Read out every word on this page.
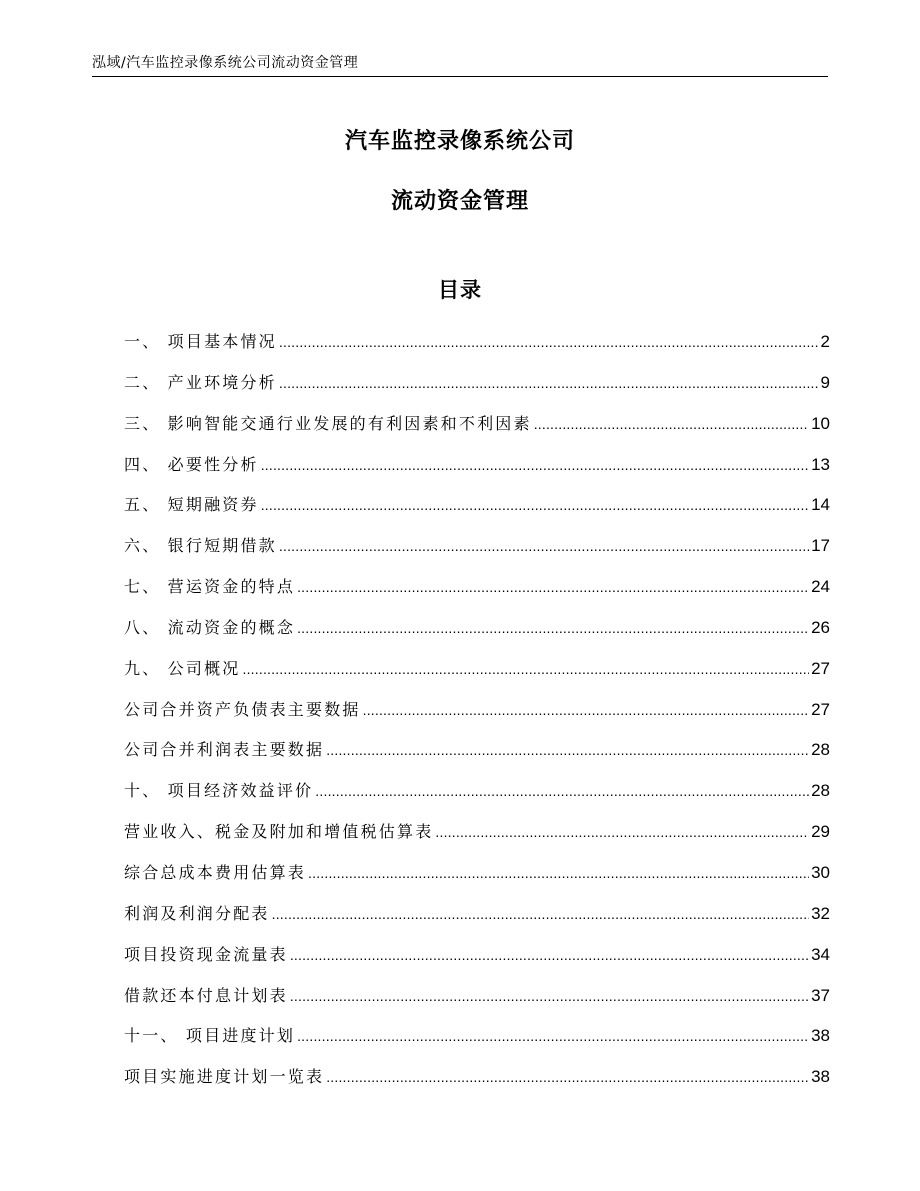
泓域/汽车监控录像系统公司流动资金管理
汽车监控录像系统公司
流动资金管理
目录
一、 项目基本情况 .....	2
二、 产业环境分析 .....	9
三、 影响智能交通行业发展的有利因素和不利因素 .....	10
四、 必要性分析 .....	13
五、 短期融资券 .....	14
六、 银行短期借款 .....	17
七、 营运资金的特点 .....	24
八、 流动资金的概念 .....	26
九、 公司概况 .....	27
公司合并资产负债表主要数据 .....	27
公司合并利润表主要数据 .....	28
十、 项目经济效益评价 .....	28
营业收入、税金及附加和增值税估算表 .....	29
综合总成本费用估算表 .....	30
利润及利润分配表 .....	32
项目投资现金流量表 .....	34
借款还本付息计划表 .....	37
十一、 项目进度计划 .....	38
项目实施进度计划一览表 .....	38
